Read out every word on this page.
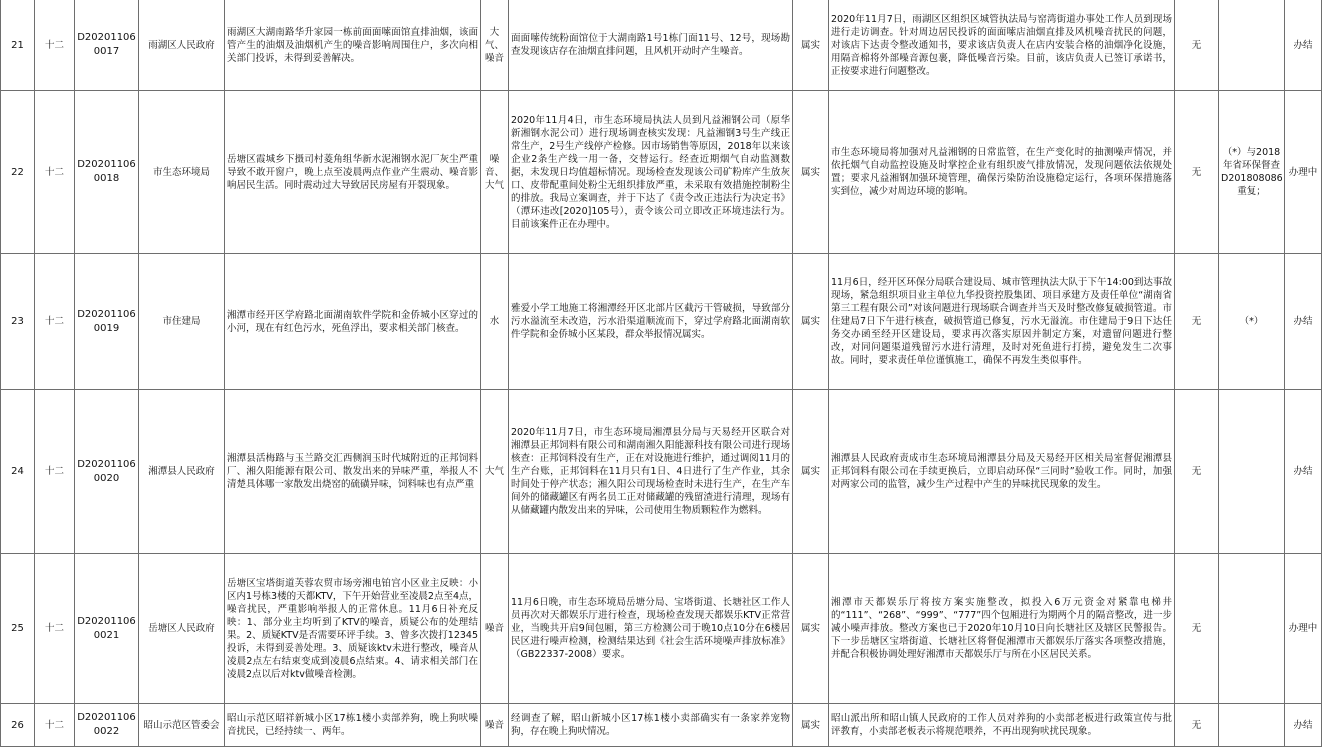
21	十二	D202011060017	雨湖区人民政府	雨湖区大湖南路华升家园一栋前面面嗦面馆直排油烟，该面管产生的油烟及油烟机产生的噪音影响周围住户，多次向相关部门投诉，未得到妥善解决。	大气、噪音	面面嗦传统粉面馆位于大湖南路1号1栋门面11号、12号，现场勘查发现该店存在油烟直排问题，且风机开动时产生噪音。	属实	2020年11月7日，雨湖区区组织区城管执法局与窑湾街道办事处工作人员到现场进行走访调查。针对周边居民投诉的面面嗦店油烟直排及风机噪音扰民的问题，对该店下达责令整改通知书，要求该店负责人在店内安装合格的油烟净化设施，用隔音棉将外部噪音源包裹，降低噪音污染。目前，该店负责人已签订承诺书，正按要求进行问题整改。	无		办结
22	十二	D202011060018	市生态环境局	岳塘区霞城乡下摄司村菱角组华新水泥湘钢水泥厂灰尘严重导致不敢开窗户，晚上点至凌晨两点作业产生震动、噪音影响居民生活。同时震动过大导致居民房屋有开裂现象。	噪音、大气	2020年11月4日，市生态环境局执法人员到凡益湘钢公司（原华新湘钢水泥公司）进行现场调查核实发现：凡益湘钢3号生产线正常生产，2号生产线停产检修。因市场销售等原因，2018年以来该企业2条生产线一用一备，交替运行。经查近期烟气自动监测数据，未发现日均值超标情况。现场检查发现该公司矿粉库产生放灰口、皮带配重间处粉尘无组织排放严重，未采取有效措施控制粉尘的排放。我局立案调查，并于下达了《责令改正违法行为决定书》（潭环违改[2020]105号），责令该公司立即改正环境违法行为。目前该案件正在办理中。	属实	市生态环境局将加强对凡益湘钢的日常监管，在生产变化时的抽测噪声情况，并依托烟气自动监控设施及时掌控企业有组织废气排放情况，发现问题依法依规处置；要求凡益湘钢加强环境管理，确保污染防治设施稳定运行，各项环保措施落实到位，减少对周边环境的影响。	无	（*）与2018年省环保督查D201808086重复；	办理中
23	十二	D202011060019	市住建局	湘潭市经开区学府路北面湖南软件学院和金侨城小区穿过的小河，现在有红色污水，死鱼浮出，要求相关部门核查。	水	雅爱小学工地施工将湘潭经开区北部片区截污干管破损，导致部分污水溢流至未改造，污水沿渠道顺流而下，穿过学府路北面湖南软件学院和金侨城小区某段，群众举报情况属实。	属实	11月6日，经开区环保分局联合建设局、城市管理执法大队于下午14:00到达事故现场，紧急组织项目业主单位九华投资控股集团、项目承建方及责任单位“湖南省第三工程有限公司”对该问题进行现场联合调查并当天及时整改修复破损管道。市住建局7日下午进行核查，破损管道已修复，污水无溢流。市住建局于9日下达任务交办函至经开区建设局，要求再次落实原因并制定方案，对遗留问题进行整改，对同问题渠道残留污水进行清理，及时对死鱼进行打捞，避免发生二次事故。同时，要求责任单位谨慎施工，确保不再发生类似事件。	无	（*）	办结
24	十二	D202011060020	湘潭县人民政府	湘潭县活梅路与玉兰路交汇西侧润玉时代城附近的正邦饲料厂、湘久阳能源有限公司、散发出来的异味严重，举报人不清楚具体哪一家散发出烧窑的硫磺异味，饲料味也有点严重	大气	2020年11月7日，市生态环境局湘潭县分局与天易经开区联合对湘潭县正邦饲料有限公司和湖南湘久阳能源科技有限公司进行现场核查：正邦饲料没有生产，正在对设施进行维护，通过调阅11月的生产台账，正邦饲料在11月只有1日、4日进行了生产作业，其余时间处于停产状态；湘久阳公司现场检查时未进行生产，在生产车间外的储藏罐区有两名员工正对储藏罐的残留渣进行清理，现场有从储藏罐内散发出来的异味，公司使用生物质颗粒作为燃料。	属实	湘潭县人民政府责成市生态环境局湘潭县分局及天易经开区相关局室督促湘潭县正邦饲料有限公司在手续更换后，立即启动环保“三同时”验收工作。同时，加强对两家公司的监管，减少生产过程中产生的异味扰民现象的发生。	无		办结
25	十二	D202011060021	岳塘区人民政府	岳塘区宝塔街道芙蓉农贸市场旁湘电铂宫小区业主反映：小区内1号栋3楼的天都KTV，下午开始营业至凌晨2点至4点，噪音扰民，严重影响举报人的正常休息。11月6日补充反映：1、部分业主均听到了KTV的噪音，质疑公布的处理结果。2、质疑KTV是否需要环评手续。3、曾多次拨打12345投诉，未得到妥善处理。3、质疑该ktv未进行整改，噪音从凌晨2点左右结束变成到凌晨6点结束。4、请求相关部门在凌晨2点以后对ktv做噪音检测。	噪音	11月6日晚，市生态环境局岳塘分局、宝塔街道、长塘社区工作人员再次对天都娱乐厅进行检查，现场检查发现天都娱乐KTV正常营业，当晚共开启9间包厢，第三方检测公司于晚10点10分在6楼居民区进行噪声检测，检测结果达到《社会生活环境噪声排放标准》（GB22337-2008）要求。	属实	湘潭市天都娱乐厅将按方案实施整改，拟投入6万元资金对紧靠电梯井的“111”、“268”、“999”、“777”四个包厢进行为期两个月的隔音整改，进一步减小噪声排放。整改方案也已于2020年10月10日向长塘社区及辖区民警报告。下一步岳塘区宝塔街道、长塘社区将督促湘潭市天都娱乐厅落实各项整改措施，并配合积极协调处理好湘潭市天都娱乐厅与所在小区居民关系。	无		办理中
26	十二	D202011060022	昭山示范区管委会	昭山示范区昭祥新城小区17栋1楼小卖部养狗，晚上狗吠噪音扰民，已经持续一、两年。	噪音	经调查了解，昭山新城小区17栋1楼小卖部确实有一条家养宠物狗，存在晚上狗吠情况。	属实	昭山派出所和昭山镇人民政府的工作人员对养狗的小卖部老板进行政策宣传与批评教育，小卖部老板表示将规范喂养，不再出现狗吠扰民现象。	无		办结
